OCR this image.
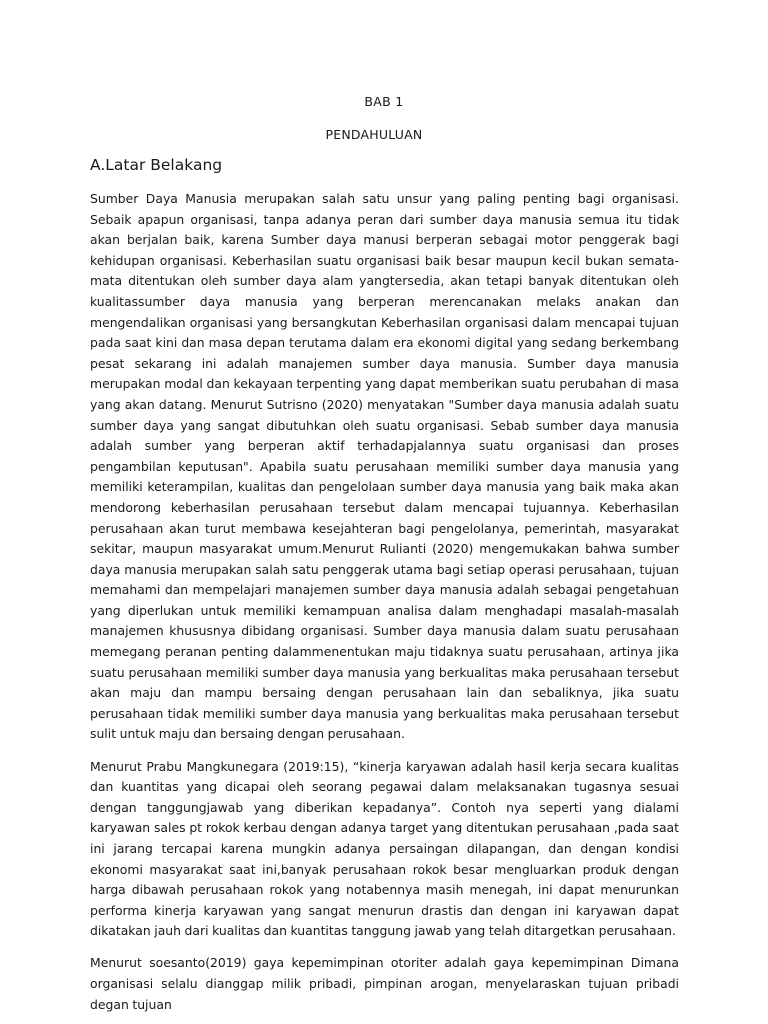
BAB 1
PENDAHULUAN
A.Latar Belakang

Sumber Daya Manusia merupakan salah satu unsur yang paling penting bagi organisasi. Sebaik apapun organisasi, tanpa adanya peran dari sumber daya manusia semua itu tidak akan berjalan baik, karena Sumber daya manusi berperan sebagai motor penggerak bagi kehidupan organisasi. Keberhasilan suatu organisasi baik besar maupun kecil bukan semata-mata ditentukan oleh sumber daya alam yangtersedia, akan tetapi banyak ditentukan oleh kualitassumber daya manusia yang berperan merencanakan melaks anakan dan mengendalikan organisasi yang bersangkutan Keberhasilan organisasi dalam mencapai tujuan pada saat kini dan masa depan terutama dalam era ekonomi digital yang sedang berkembang pesat sekarang ini adalah manajemen sumber daya manusia. Sumber daya manusia merupakan modal dan kekayaan terpenting yang dapat memberikan suatu perubahan di masa yang akan datang. Menurut Sutrisno (2020) menyatakan "Sumber daya manusia adalah suatu sumber daya yang sangat dibutuhkan oleh suatu organisasi. Sebab sumber daya manusia adalah sumber yang berperan aktif terhadapjalannya suatu organisasi dan proses pengambilan keputusan". Apabila suatu perusahaan memiliki sumber daya manusia yang memiliki keterampilan, kualitas dan pengelolaan sumber daya manusia yang baik maka akan mendorong keberhasilan perusahaan tersebut dalam mencapai tujuannya. Keberhasilan perusahaan akan turut membawa kesejahteran bagi pengelolanya, pemerintah, masyarakat sekitar, maupun masyarakat umum.Menurut Rulianti (2020) mengemukakan bahwa sumber daya manusia merupakan salah satu penggerak utama bagi setiap operasi perusahaan, tujuan memahami dan mempelajari manajemen sumber daya manusia adalah sebagai pengetahuan yang diperlukan untuk memiliki kemampuan analisa dalam menghadapi masalah-masalah manajemen khususnya dibidang organisasi. Sumber daya manusia dalam suatu perusahaan memegang peranan penting dalammenentukan maju tidaknya suatu perusahaan, artinya jika suatu perusahaan memiliki sumber daya manusia yang berkualitas maka perusahaan tersebut akan maju dan mampu bersaing dengan perusahaan lain dan sebaliknya, jika suatu perusahaan tidak memiliki sumber daya manusia yang berkualitas maka perusahaan tersebut sulit untuk maju dan bersaing dengan perusahaan.

Menurut Prabu Mangkunegara (2019:15), “kinerja karyawan adalah hasil kerja secara kualitas dan kuantitas yang dicapai oleh seorang pegawai dalam melaksanakan tugasnya sesuai dengan tanggungjawab yang diberikan kepadanya”. Contoh nya seperti yang dialami karyawan sales pt rokok kerbau dengan adanya target yang ditentukan perusahaan ,pada saat ini jarang tercapai karena mungkin adanya persaingan dilapangan, dan dengan kondisi ekonomi masyarakat saat ini,banyak perusahaan rokok besar mengluarkan produk dengan harga dibawah perusahaan rokok yang notabennya masih menegah, ini dapat menurunkan performa kinerja karyawan yang sangat menurun drastis dan dengan ini karyawan dapat dikatakan jauh dari kualitas dan kuantitas tanggung jawab yang telah ditargetkan perusahaan.

Menurut soesanto(2019) gaya kepemimpinan otoriter adalah gaya kepemimpinan Dimana organisasi selalu dianggap milik pribadi, pimpinan arogan, menyelaraskan tujuan pribadi degan tujuan
